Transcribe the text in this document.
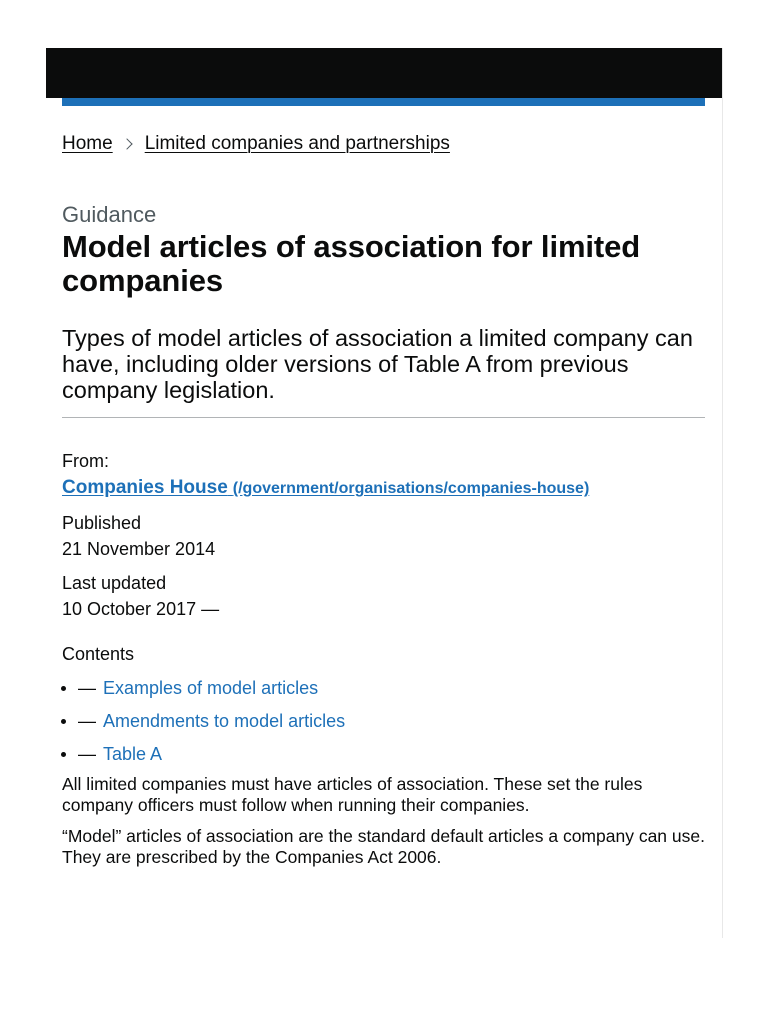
Home Limited companies and partnerships
Guidance
Model articles of association for limited companies
Types of model articles of association a limited company can have, including older versions of Table A from previous company legislation.
From:
Companies House (/government/organisations/companies-house)
Published
21 November 2014
Last updated
10 October 2017 —
Contents
— Examples of model articles
— Amendments to model articles
— Table A

All limited companies must have articles of association. These set the rules company officers must follow when running their companies.

“Model” articles of association are the standard default articles a company can use. They are prescribed by the Companies Act 2006.
